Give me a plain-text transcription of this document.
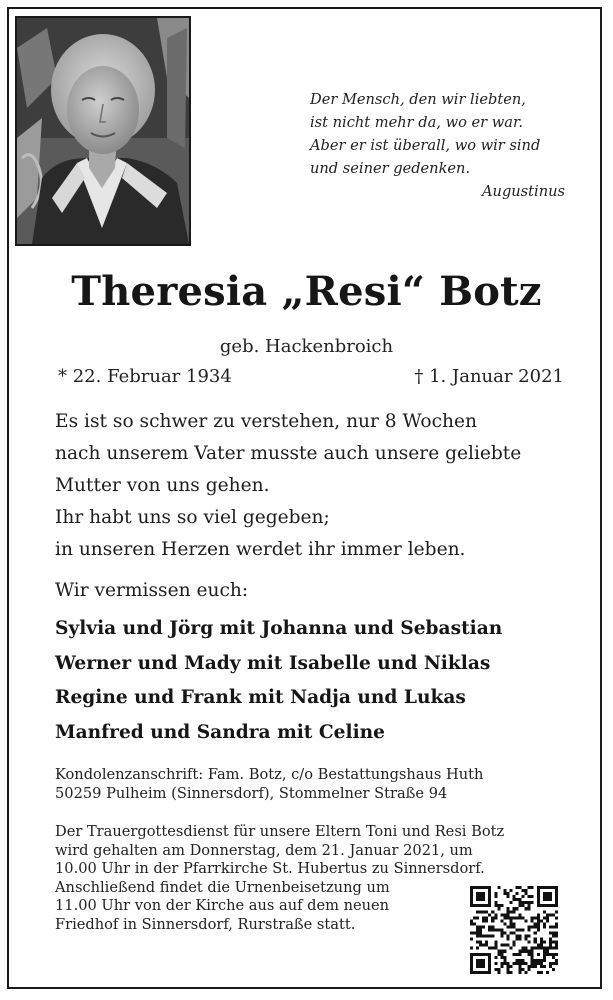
Der Mensch, den wir liebten,
ist nicht mehr da, wo er war.
Aber er ist überall, wo wir sind
und seiner gedenken.
Augustinus
Theresia „Resi“ Botz
geb. Hackenbroich
* 22. Februar 1934	† 1. Januar 2021
Es ist so schwer zu verstehen, nur 8 Wochen
nach unserem Vater musste auch unsere geliebte
Mutter von uns gehen.
Ihr habt uns so viel gegeben;
in unseren Herzen werdet ihr immer leben.
Wir vermissen euch:
Sylvia und Jörg mit Johanna und Sebastian
Werner und Mady mit Isabelle und Niklas
Regine und Frank mit Nadja und Lukas
Manfred und Sandra mit Celine
Kondolenzanschrift: Fam. Botz, c/o Bestattungshaus Huth
50259 Pulheim (Sinnersdorf), Stommelner Straße 94
Der Trauergottesdienst für unsere Eltern Toni und Resi Botz
wird gehalten am Donnerstag, dem 21. Januar 2021, um
10.00 Uhr in der Pfarrkirche St. Hubertus zu Sinnersdorf.
Anschließend findet die Urnenbeisetzung um
11.00 Uhr von der Kirche aus auf dem neuen
Friedhof in Sinnersdorf, Rurstraße statt.
